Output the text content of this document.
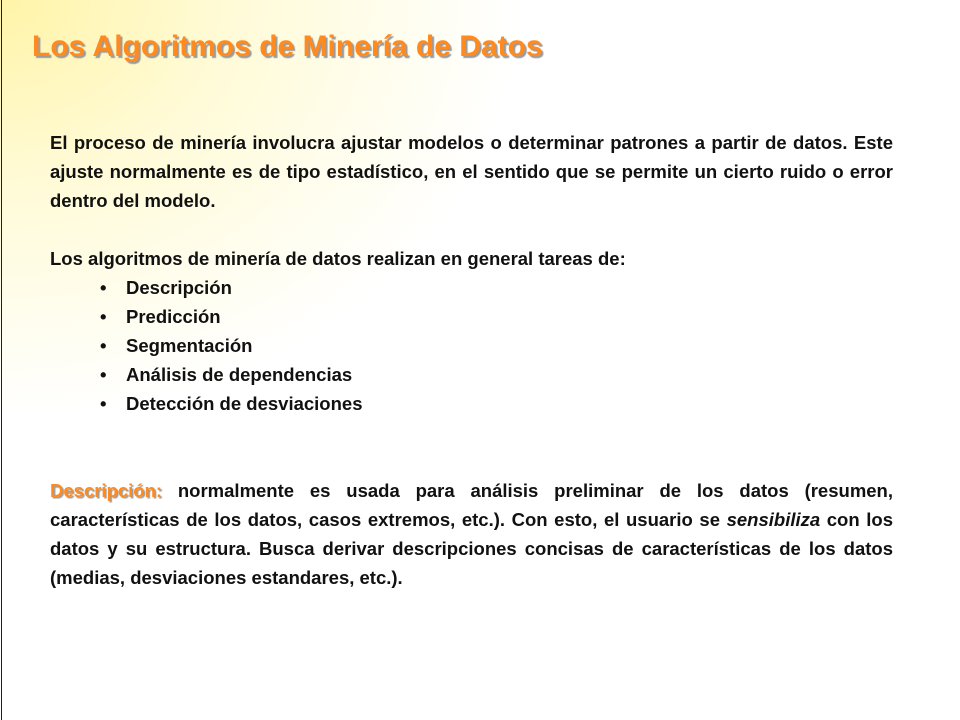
Los Algoritmos de Minería de Datos

El proceso de minería involucra ajustar modelos o determinar patrones a partir de datos. Este ajuste normalmente es de tipo estadístico, en el sentido que se permite un cierto ruido o error dentro del modelo.

Los algoritmos de minería de datos realizan en general tareas de:

•	Descripción
•	Predicción
•	Segmentación
•	Análisis de dependencias
•	Detección de desviaciones

Descripción: normalmente es usada para análisis preliminar de los datos (resumen, características de los datos, casos extremos, etc.). Con esto, el usuario se sensibiliza con los datos y su estructura. Busca derivar descripciones concisas de características de los datos (medias, desviaciones estandares, etc.).
